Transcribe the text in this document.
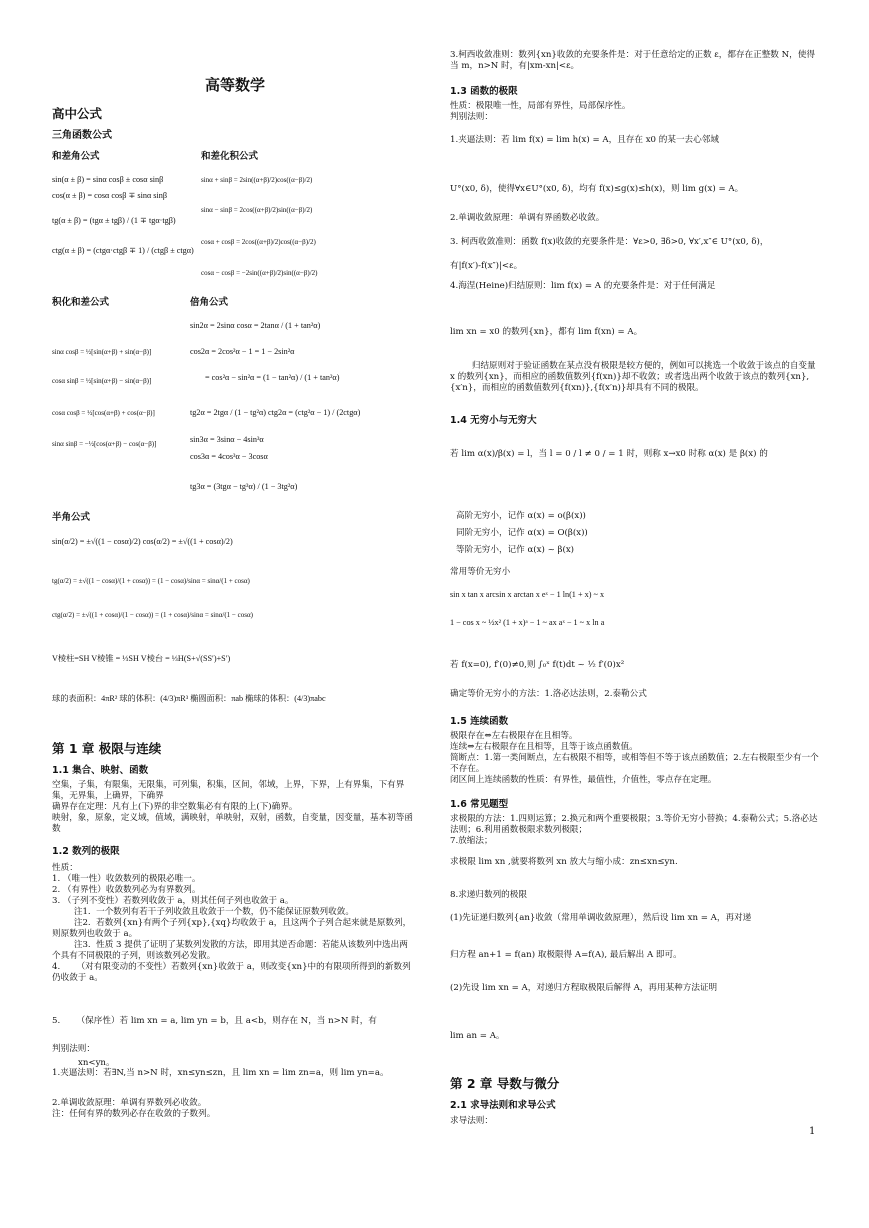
高等数学
高中公式
三角函数公式
和差角公式	和差化积公式
sin(α ± β) = sinα cosβ ± cosα sinβ
cos(α ± β) = cosα cosβ ∓ sinα sinβ
tg(α ± β) = (tgα ± tgβ) / (1 ∓ tgα·tgβ)
ctg(α ± β) = (ctgα·ctgβ ∓ 1) / (ctgβ ± ctgα)
sinα + sinβ = 2sin((α+β)/2)cos((α−β)/2)
sinα − sinβ = 2cos((α+β)/2)sin((α−β)/2)
cosα + cosβ = 2cos((α+β)/2)cos((α−β)/2)
cosα − cosβ = −2sin((α+β)/2)sin((α−β)/2)
积化和差公式	倍角公式
sinα cosβ = ½[sin(α+β) + sin(α−β)]
cosα sinβ = ½[sin(α+β) − sin(α−β)]
cosα cosβ = ½[cos(α+β) + cos(α−β)]
sinα sinβ = −½[cos(α+β) − cos(α−β)]
sin2α = 2sinα cosα = 2tanα / (1 + tan²α)
cos2α = 2cos²α − 1 = 1 − 2sin²α
= cos²α − sin²α = (1 − tan²α) / (1 + tan²α)
tg2α = 2tgα / (1 − tg²α) ctg2α = (ctg²α − 1) / (2ctgα)
sin3α = 3sinα − 4sin³α
cos3α = 4cos³α − 3cosα
tg3α = (3tgα − tg³α) / (1 − 3tg²α)
半角公式
sin(α/2) = ±√((1 − cosα)/2) cos(α/2) = ±√((1 + cosα)/2)
tg(α/2) = ±√((1 − cosα)/(1 + cosα)) = (1 − cosα)/sinα = sinα/(1 + cosα)
ctg(α/2) = ±√((1 + cosα)/(1 − cosα)) = (1 + cosα)/sinα = sinα/(1 − cosα)
V棱柱=SH V棱锥 = ⅓SH V棱台 = ⅓H(S+√(SS′)+S′)
球的表面积：4πR² 球的体积：(4/3)πR³ 椭圆面积：πab 椭球的体积：(4/3)πabc
第 1 章 极限与连续
1.1 集合、映射、函数
空集，子集，有限集，无限集，可列集，积集，区间，邻域，上界，下界，上有界集，下有界集，无界集，上确界，下确界
确界存在定理：凡有上(下)界的非空数集必有有限的上(下)确界。
映射，象，原象，定义域，值域，满映射，单映射，双射，函数，自变量，因变量，基本初等函数
1.2 数列的极限
性质：
1. （唯一性）收敛数列的极限必唯一。
2. （有界性）收敛数列必为有界数列。
3. （子列不变性）若数列收敛于 a，则其任何子列也收敛于 a。
注1.  一个数列有若干子列收敛且收敛于一个数，仍不能保证原数列收敛。
注2.  若数列{xn}有两个子列{xp},{xq}均收敛于 a，且这两个子列合起来就是原数列，则原数列也收敛于 a。
注3.  性质 3 提供了证明了某数列发散的方法，即用其逆否命题：若能从该数列中选出两个具有不同极限的子列，则该数列必发散。
4.      （对有限变动的不变性）若数列{xn}收敛于 a，则改变{xn}中的有限项所得到的新数列仍收敛于 a。
5.      （保序性）若 lim xn = a, lim yn = b，且 a<b，则存在 N，当 n>N 时，有
xn<yn。
判别法则：
1.夹逼法则：若∃N,当 n>N 时，xn≤yn≤zn，且 lim xn = lim zn=a，则 lim yn=a。
2.单调收敛原理：单调有界数列必收敛。
注：任何有界的数列必存在收敛的子数列。
3.柯西收敛准则：数列{xn}收敛的充要条件是：对于任意给定的正数 ε，都存在正整数 N，使得当 m，n>N 时，有|xm-xn|<ε。
1.3 函数的极限
性质：极限唯一性，局部有界性，局部保序性。
判别法则：
1.夹逼法则：若 lim f(x) = lim h(x) = A，且存在 x0 的某一去心邻域
U°(x0, δ)，使得∀x∈U°(x0, δ)，均有 f(x)≤g(x)≤h(x)，则 lim g(x) = A。
2.单调收敛原理：单调有界函数必收敛。
3. 柯西收敛准则：函数 f(x)收敛的充要条件是：∀ε>0, ∃δ>0, ∀x′,x″∈ U°(x0, δ)，
有|f(x′)-f(x″)|<ε。
4.海涅(Heine)归结原则：lim f(x) = A 的充要条件是：对于任何满足
lim xn = x0 的数列{xn}，都有 lim f(xn) = A。
归结原则对于验证函数在某点没有极限是较方便的，例如可以挑选一个收敛于该点的自变量 x 的数列{xn}，而相应的函数值数列{f(xn)}却不收敛；或者选出两个收敛于该点的数列{xn},{x′n}，而相应的函数值数列{f(xn)},{f(x′n)}却具有不同的极限。
1.4 无穷小与无穷大
若 lim α(x)/β(x) = l，当 l = 0 / l ≠ 0 / = 1 时，则称 x→x0 时称 α(x) 是 β(x) 的
高阶无穷小，记作 α(x) = o(β(x))
同阶无穷小，记作 α(x) = O(β(x))
等阶无穷小，记作 α(x) ~ β(x)
常用等价无穷小
sin x tan x arcsin x arctan x eˣ − 1 ln(1 + x) ~ x
1 − cos x ~ ½x² (1 + x)ᵃ − 1 ~ ax aˣ − 1 ~ x ln a
若 f(x=0), f′(0)≠0,则 ∫₀ˣ f(t)dt ~ ½ f′(0)x²
确定等价无穷小的方法：1.洛必达法则，2.泰勒公式
1.5 连续函数
极限存在⇔左右极限存在且相等。
连续⇔左右极限存在且相等，且等于该点函数值。
简断点：1.第一类间断点，左右极限不相等，或相等但不等于该点函数值；2.左右极限至少有一个不存在。
闭区间上连续函数的性质：有界性，最值性，介值性，零点存在定理。
1.6 常见题型
求极限的方法：1.四则运算；2.换元和两个重要极限；3.等价无穷小替换；4.泰勒公式；5.洛必达法则；6.利用函数极限求数列极限；
7.放缩法；
求极限 lim xn ,就要将数列 xn 放大与缩小成：zn≤xn≤yn.
8.求递归数列的极限
(1)先证递归数列{an}收敛（常用单调收敛原理），然后设 lim xn = A，再对递
归方程 an+1 = f(an) 取极限得 A=f(A), 最后解出 A 即可。
(2)先设 lim xn = A，对递归方程取极限后解得 A，再用某种方法证明
lim an = A。
第 2 章 导数与微分
2.1 求导法则和求导公式
求导法则：
1
